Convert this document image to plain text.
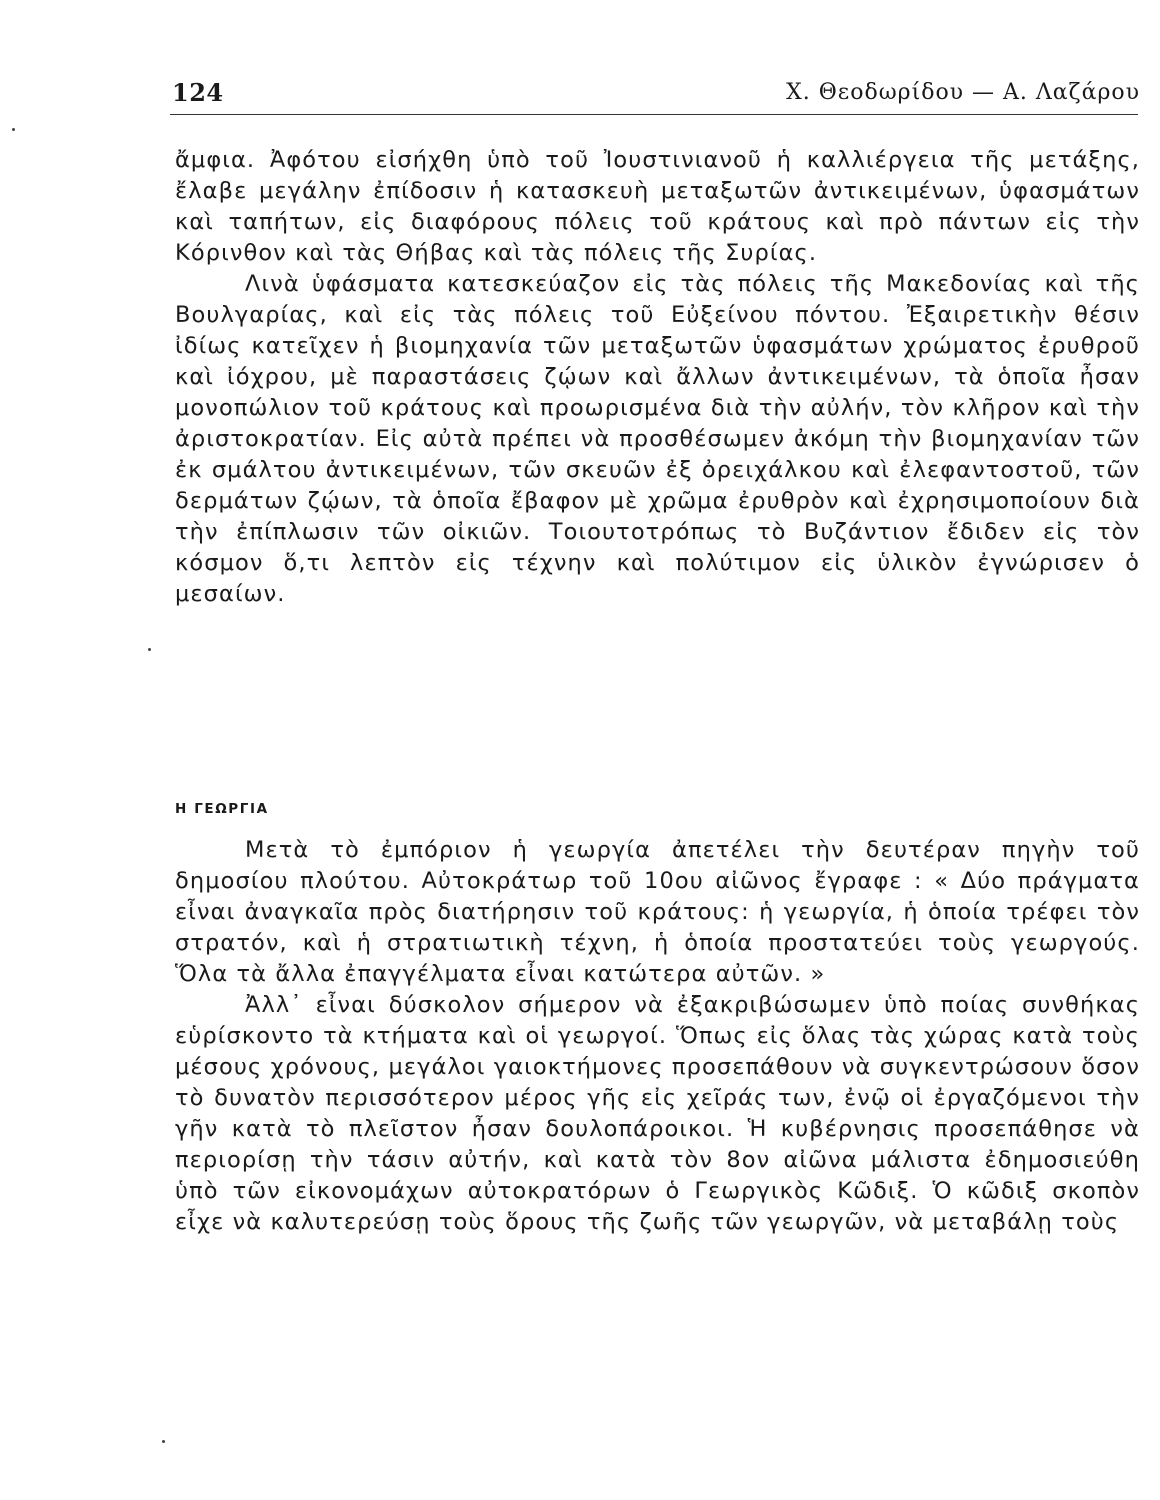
124	Χ. Θεοδωρίδου — Α. Λαζάρου

ἄμφια. Ἀφότου εἰσήχθη ὑπὸ τοῦ Ἰουστινιανοῦ ἡ καλλιέργεια τῆς μετάξης, ἔλαβε μεγάλην ἐπίδοσιν ἡ κατασκευὴ μεταξωτῶν ἀντικειμένων, ὑφασμάτων καὶ ταπήτων, εἰς διαφόρους πόλεις τοῦ κράτους καὶ πρὸ πάντων εἰς τὴν Κόρινθον καὶ τὰς Θήβας καὶ τὰς πόλεις τῆς Συρίας.

Λινὰ ὑφάσματα κατεσκεύαζον εἰς τὰς πόλεις τῆς Μακεδονίας καὶ τῆς Βουλγαρίας, καὶ εἰς τὰς πόλεις τοῦ Εὐξείνου πόντου. Ἐξαιρετικὴν θέσιν ἰδίως κατεῖχεν ἡ βιομηχανία τῶν μεταξωτῶν ὑφασμάτων χρώματος ἐρυθροῦ καὶ ἰόχρου, μὲ παραστάσεις ζῴων καὶ ἄλλων ἀντικειμένων, τὰ ὁποῖα ἦσαν μονοπώλιον τοῦ κράτους καὶ προωρισμένα διὰ τὴν αὐλήν, τὸν κλῆρον καὶ τὴν ἀριστοκρατίαν. Εἰς αὐτὰ πρέπει νὰ προσθέσωμεν ἀκόμη τὴν βιομηχανίαν τῶν ἐκ σμάλτου ἀντικειμένων, τῶν σκευῶν ἐξ ὀρειχάλκου καὶ ἐλεφαντοστοῦ, τῶν δερμάτων ζῴων, τὰ ὁποῖα ἔβαφον μὲ χρῶμα ἐρυθρὸν καὶ ἐχρησιμοποίουν διὰ τὴν ἐπίπλωσιν τῶν οἰκιῶν. Τοιουτοτρόπως τὸ Βυζάντιον ἔδιδεν εἰς τὸν κόσμον ὅ,τι λεπτὸν εἰς τέχνην καὶ πολύτιμον εἰς ὑλικὸν ἐγνώρισεν ὁ μεσαίων.

Η ΓΕΩΡΓΙΑ

Μετὰ τὸ ἐμπόριον ἡ γεωργία ἀπετέλει τὴν δευτέραν πηγὴν τοῦ δημοσίου πλούτου. Αὐτοκράτωρ τοῦ 10ου αἰῶνος ἔγραφε : « Δύο πράγματα εἶναι ἀναγκαῖα πρὸς διατήρησιν τοῦ κράτους: ἡ γεωργία, ἡ ὁποία τρέφει τὸν στρατόν, καὶ ἡ στρατιωτικὴ τέχνη, ἡ ὁποία προστατεύει τοὺς γεωργούς. Ὅλα τὰ ἄλλα ἐπαγγέλματα εἶναι κατώτερα αὐτῶν. »

Ἀλλ᾽ εἶναι δύσκολον σήμερον νὰ ἐξακριβώσωμεν ὑπὸ ποίας συνθήκας εὑρίσκοντο τὰ κτήματα καὶ οἱ γεωργοί. Ὅπως εἰς ὅλας τὰς χώρας κατὰ τοὺς μέσους χρόνους, μεγάλοι γαιοκτήμονες προσεπάθουν νὰ συγκεντρώσουν ὅσον τὸ δυνατὸν περισσότερον μέρος γῆς εἰς χεῖράς των, ἐνῷ οἱ ἐργαζόμενοι τὴν γῆν κατὰ τὸ πλεῖστον ἦσαν δουλοπάροικοι. Ἡ κυβέρνησις προσεπάθησε νὰ περιορίσῃ τὴν τάσιν αὐτήν, καὶ κατὰ τὸν 8ον αἰῶνα μάλιστα ἐδημοσιεύθη ὑπὸ τῶν εἰκονομάχων αὐτοκρατόρων ὁ Γεωργικὸς Κῶδιξ. Ὁ κῶδιξ σκοπὸν εἶχε νὰ καλυτερεύσῃ τοὺς ὅρους τῆς ζωῆς τῶν γεωργῶν, νὰ μεταβάλῃ τοὺς
